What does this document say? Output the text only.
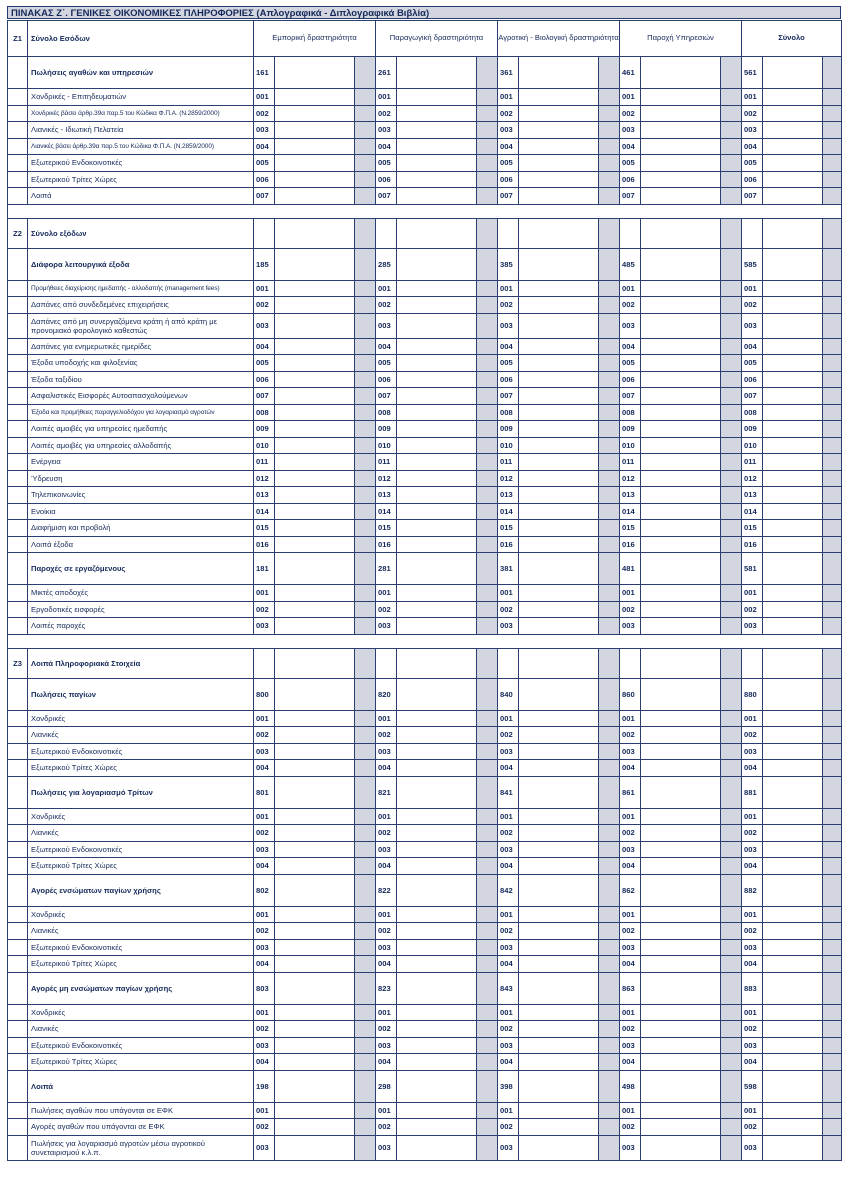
ΠΙΝΑΚΑΣ Ζ΄. ΓΕΝΙΚΕΣ ΟΙΚΟΝΟΜΙΚΕΣ ΠΛΗΡΟΦΟΡΙΕΣ (Απλογραφικά - Διπλογραφικά Βιβλία)
Ζ1	Σύνολο Εσόδων	Εμπορική δραστηριότητα			Παραγωγική δραστηριότητα			Αγροτική - Βιολογική δραστηριότητα			Παροχή Υπηρεσιών			Σύνολο		
	Πωλήσεις αγαθών και υπηρεσιών	161			261			361			461			561		
	Χονδρικές - Επιτηδευματιών	001			001			001			001			001		
	Χονδρικές βάσει άρθρ.39α παρ.5 του Κώδικα Φ.Π.Α. (Ν.2859/2000)	002			002			002			002			002		
	Λιανικές - Ιδιωτική Πελατεία	003			003			003			003			003		
	Λιανικές βάσει άρθρ.39α παρ.5 του Κώδικα Φ.Π.Α. (Ν.2859/2000)	004			004			004			004			004		
	Εξωτερικού Ενδοκοινοτικές	005			005			005			005			005		
	Εξωτερικού Τρίτες Χώρες	006			006			006			006			006		
	Λοιπά	007			007			007			007			007		

Ζ2	Σύνολο εξόδων															
	Διάφορα λειτουργικά έξοδα	185			285			385			485			585		
	Προμήθειες διαχείρισης ημεδαπής - αλλοδαπής (management fees)	001			001			001			001			001		
	Δαπάνες από συνδεδεμένες επιχειρήσεις	002			002			002			002			002		
	Δαπάνες από μη συνεργαζόμενα κράτη ή από κράτη με προνομιακό φορολογικό καθεστώς	003			003			003			003			003		
	Δαπάνες για ενημερωτικές ημερίδες	004			004			004			004			004		
	Έξοδα υποδοχής και φιλοξενίας	005			005			005			005			005		
	Έξοδα ταξιδίου	006			006			006			006			006		
	Ασφαλιστικές Εισφορές Αυτοαπασχολούμενων	007			007			007			007			007		
	Έξοδα και προμήθειες παραγγελιοδόχου για λογαριασμό αγροτών	008			008			008			008			008		
	Λοιπές αμοιβές για υπηρεσίες ημεδαπής	009			009			009			009			009		
	Λοιπές αμοιβές για υπηρεσίες αλλοδαπής	010			010			010			010			010		
	Ενέργεια	011			011			011			011			011		
	Ύδρευση	012			012			012			012			012		
	Τηλεπικοινωνίες	013			013			013			013			013		
	Ενοίκια	014			014			014			014			014		
	Διαφήμιση και προβολή	015			015			015			015			015		
	Λοιπά έξοδα	016			016			016			016			016		
	Παροχές σε εργαζόμενους	181			281			381			481			581		
	Μικτές αποδοχές	001			001			001			001			001		
	Εργοδοτικές εισφορές	002			002			002			002			002		
	Λοιπές παροχές	003			003			003			003			003		

Ζ3	Λοιπά Πληροφοριακά Στοιχεία															
	Πωλήσεις παγίων	800			820			840			860			880		
	Χονδρικές	001			001			001			001			001		
	Λιανικές	002			002			002			002			002		
	Εξωτερικού Ενδοκοινοτικές	003			003			003			003			003		
	Εξωτερικού Τρίτες Χώρες	004			004			004			004			004		
	Πωλήσεις για λογαριασμό Τρίτων	801			821			841			861			881		
	Χονδρικές	001			001			001			001			001		
	Λιανικές	002			002			002			002			002		
	Εξωτερικού Ενδοκοινοτικές	003			003			003			003			003		
	Εξωτερικού Τρίτες Χώρες	004			004			004			004			004		
	Αγορές ενσώματων παγίων χρήσης	802			822			842			862			882		
	Χονδρικές	001			001			001			001			001		
	Λιανικές	002			002			002			002			002		
	Εξωτερικού Ενδοκοινοτικές	003			003			003			003			003		
	Εξωτερικού Τρίτες Χώρες	004			004			004			004			004		
	Αγορές μη ενσώματων παγίων χρήσης	803			823			843			863			883		
	Χονδρικές	001			001			001			001			001		
	Λιανικές	002			002			002			002			002		
	Εξωτερικού Ενδοκοινοτικές	003			003			003			003			003		
	Εξωτερικού Τρίτες Χώρες	004			004			004			004			004		
	Λοιπά	198			298			398			498			598		
	Πωλήσεις αγαθών που υπάγονται σε ΕΦΚ	001			001			001			001			001		
	Αγορές αγαθών που υπάγονται σε ΕΦΚ	002			002			002			002			002		
	Πωλήσεις για λογαριασμό αγροτών μέσω αγροτικού συνεταιρισμού κ.λ.π.	003			003			003			003			003		
